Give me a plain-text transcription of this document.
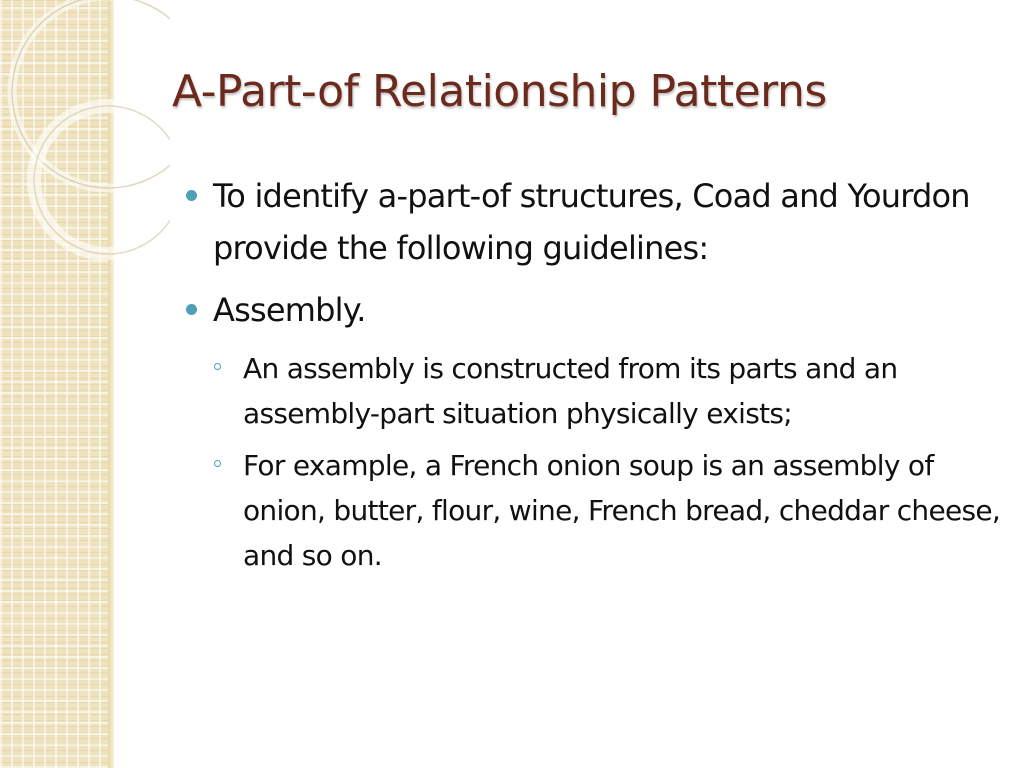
A-Part-of Relationship Patterns
To identify a-part-of structures, Coad and Yourdon provide the following guidelines:
Assembly.
An assembly is constructed from its parts and an assembly-part situation physically exists;
For example, a French onion soup is an assembly of onion, butter, flour, wine, French bread, cheddar cheese, and so on.
